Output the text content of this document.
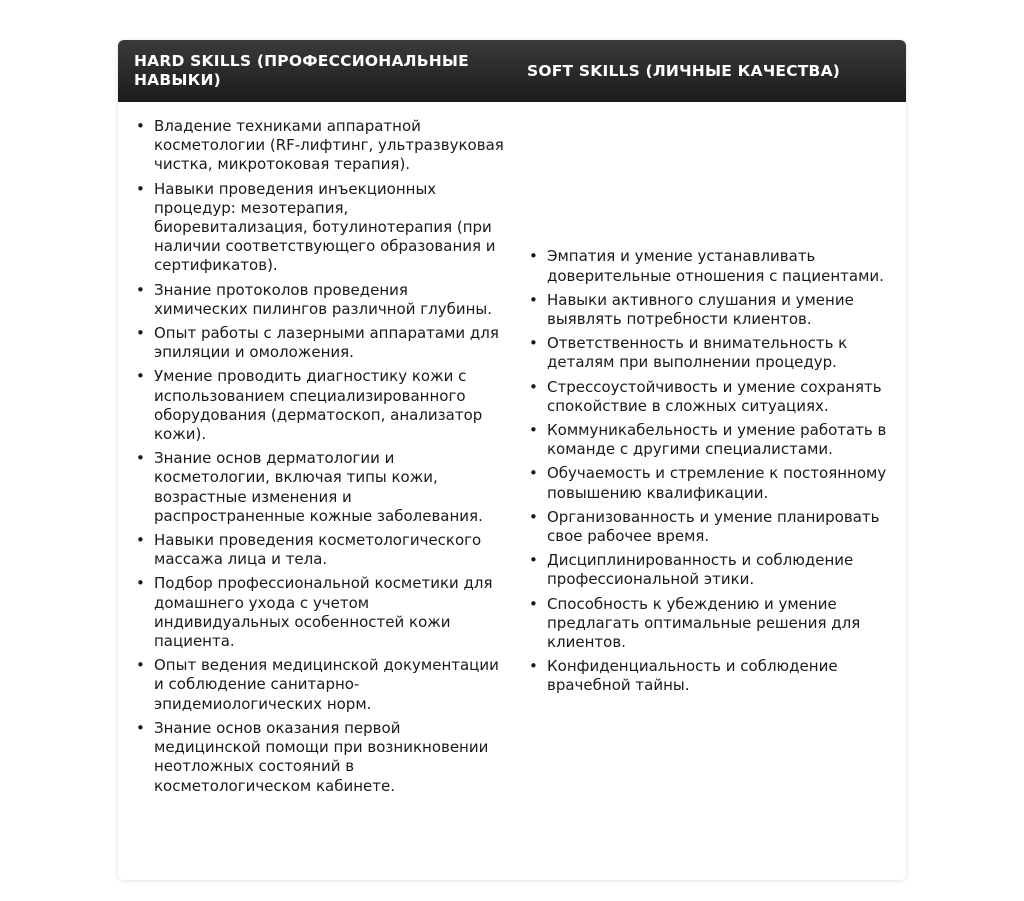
HARD SKILLS (ПРОФЕССИОНАЛЬНЫЕ НАВЫКИ)
SOFT SKILLS (ЛИЧНЫЕ КАЧЕСТВА)
• Владение техниками аппаратной косметологии (RF-лифтинг, ультразвуковая чистка, микротоковая терапия).
• Навыки проведения инъекционных процедур: мезотерапия, биоревитализация, ботулинотерапия (при наличии соответствующего образования и сертификатов).
• Знание протоколов проведения химических пилингов различной глубины.
• Опыт работы с лазерными аппаратами для эпиляции и омоложения.
• Умение проводить диагностику кожи с использованием специализированного оборудования (дерматоскоп, анализатор кожи).
• Знание основ дерматологии и косметологии, включая типы кожи, возрастные изменения и распространенные кожные заболевания.
• Навыки проведения косметологического массажа лица и тела.
• Подбор профессиональной косметики для домашнего ухода с учетом индивидуальных особенностей кожи пациента.
• Опыт ведения медицинской документации и соблюдение санитарно-эпидемиологических норм.
• Знание основ оказания первой медицинской помощи при возникновении неотложных состояний в косметологическом кабинете.
• Эмпатия и умение устанавливать доверительные отношения с пациентами.
• Навыки активного слушания и умение выявлять потребности клиентов.
• Ответственность и внимательность к деталям при выполнении процедур.
• Стрессоустойчивость и умение сохранять спокойствие в сложных ситуациях.
• Коммуникабельность и умение работать в команде с другими специалистами.
• Обучаемость и стремление к постоянному повышению квалификации.
• Организованность и умение планировать свое рабочее время.
• Дисциплинированность и соблюдение профессиональной этики.
• Способность к убеждению и умение предлагать оптимальные решения для клиентов.
• Конфиденциальность и соблюдение врачебной тайны.
